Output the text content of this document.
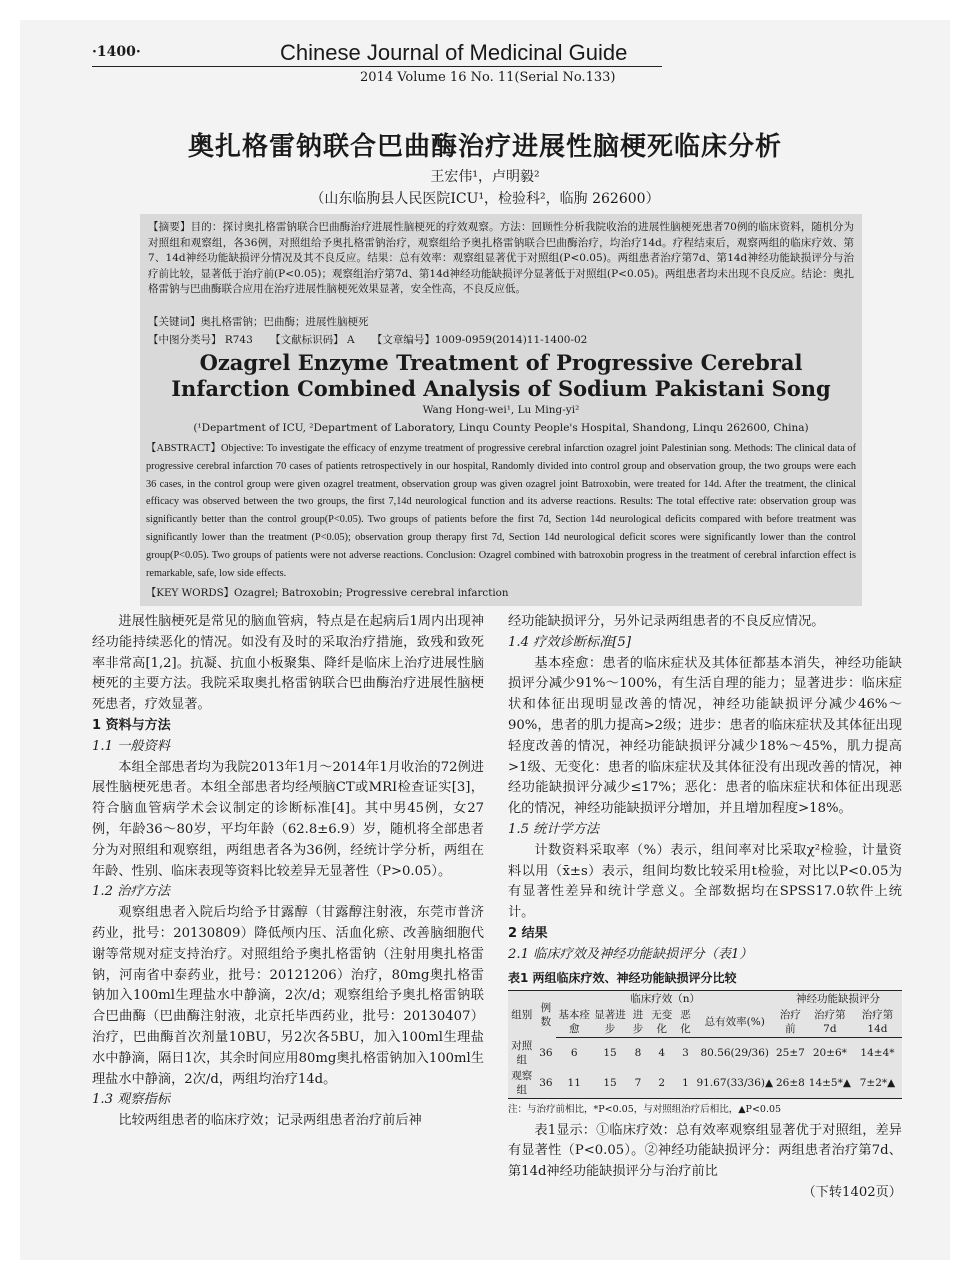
·1400·	Chinese Journal of Medicinal Guide
2014 Volume 16 No. 11(Serial No.133)
奥扎格雷钠联合巴曲酶治疗进展性脑梗死临床分析
王宏伟¹，卢明毅²
（山东临朐县人民医院ICU¹，检验科²，临朐 262600）

【摘要】目的：探讨奥扎格雷钠联合巴曲酶治疗进展性脑梗死的疗效观察。方法：回顾性分析我院收治的进展性脑梗死患者70例的临床资料，随机分为对照组和观察组，各36例，对照组给予奥扎格雷钠治疗，观察组给予奥扎格雷钠联合巴曲酶治疗，均治疗14d。疗程结束后，观察两组的临床疗效、第7、14d神经功能缺损评分情况及其不良反应。结果：总有效率：观察组显著优于对照组(P<0.05)。两组患者治疗第7d、第14d神经功能缺损评分与治疗前比较，显著低于治疗前(P<0.05)；观察组治疗第7d、第14d神经功能缺损评分显著低于对照组(P<0.05)。两组患者均未出现不良反应。结论：奥扎格雷钠与巴曲酶联合应用在治疗进展性脑梗死效果显著，安全性高，不良反应低。

【关键词】奥扎格雷钠；巴曲酶；进展性脑梗死

【中图分类号】 R743 【文献标识码】 A 【文章编号】1009-0959(2014)11-1400-02

Ozagrel Enzyme Treatment of Progressive Cerebral Infarction Combined Analysis of Sodium Pakistani Song

Wang Hong-wei¹, Lu Ming-yi²

(¹Department of ICU, ²Department of Laboratory, Linqu County People's Hospital, Shandong, Linqu 262600, China)

【ABSTRACT】Objective: To investigate the efficacy of enzyme treatment of progressive cerebral infarction ozagrel joint Palestinian song. Methods: The clinical data of progressive cerebral infarction 70 cases of patients retrospectively in our hospital, Randomly divided into control group and observation group, the two groups were each 36 cases, in the control group were given ozagrel treatment, observation group was given ozagrel joint Batroxobin, were treated for 14d. After the treatment, the clinical efficacy was observed between the two groups, the first 7,14d neurological function and its adverse reactions. Results: The total effective rate: observation group was significantly better than the control group(P<0.05). Two groups of patients before the first 7d, Section 14d neurological deficits compared with before treatment was significantly lower than the treatment (P<0.05); observation group therapy first 7d, Section 14d neurological deficit scores were significantly lower than the control group(P<0.05). Two groups of patients were not adverse reactions. Conclusion: Ozagrel combined with batroxobin progress in the treatment of cerebral infarction effect is remarkable, safe, low side effects.

【KEY WORDS】Ozagrel; Batroxobin; Progressive cerebral infarction

进展性脑梗死是常见的脑血管病，特点是在起病后1周内出现神经功能持续恶化的情况。如没有及时的采取治疗措施，致残和致死率非常高[1,2]。抗凝、抗血小板聚集、降纤是临床上治疗进展性脑梗死的主要方法。我院采取奥扎格雷钠联合巴曲酶治疗进展性脑梗死患者，疗效显著。

1 资料与方法

1.1 一般资料

本组全部患者均为我院2013年1月～2014年1月收治的72例进展性脑梗死患者。本组全部患者均经颅脑CT或MRI检查证实[3]，符合脑血管病学术会议制定的诊断标准[4]。其中男45例，女27例，年龄36～80岁，平均年龄（62.8±6.9）岁，随机将全部患者分为对照组和观察组，两组患者各为36例，经统计学分析，两组在年龄、性别、临床表现等资料比较差异无显著性（P>0.05）。

1.2 治疗方法

观察组患者入院后均给予甘露醇（甘露醇注射液，东莞市普济药业，批号：20130809）降低颅内压、活血化瘀、改善脑细胞代谢等常规对症支持治疗。对照组给予奥扎格雷钠（注射用奥扎格雷钠，河南省中泰药业，批号：20121206）治疗，80mg奥扎格雷钠加入100ml生理盐水中静滴，2次/d；观察组给予奥扎格雷钠联合巴曲酶（巴曲酶注射液，北京托毕西药业，批号：20130407）治疗，巴曲酶首次剂量10BU，另2次各5BU，加入100ml生理盐水中静滴，隔日1次，其余时间应用80mg奥扎格雷钠加入100ml生理盐水中静滴，2次/d，两组均治疗14d。

1.3 观察指标

比较两组患者的临床疗效；记录两组患者治疗前后神

经功能缺损评分，另外记录两组患者的不良反应情况。

1.4 疗效诊断标准[5]

基本痊愈：患者的临床症状及其体征都基本消失，神经功能缺损评分减少91%～100%，有生活自理的能力；显著进步：临床症状和体征出现明显改善的情况，神经功能缺损评分减少46%～90%，患者的肌力提高>2级；进步：患者的临床症状及其体征出现轻度改善的情况，神经功能缺损评分减少18%～45%，肌力提高>1级、无变化：患者的临床症状及其体征没有出现改善的情况，神经功能缺损评分减少≤17%；恶化：患者的临床症状和体征出现恶化的情况，神经功能缺损评分增加，并且增加程度>18%。

1.5 统计学方法

计数资料采取率（%）表示，组间率对比采取χ²检验，计量资料以用（x̄±s）表示，组间均数比较采用t检验，对比以P<0.05为有显著性差异和统计学意义。全部数据均在SPSS17.0软件上统计。

2 结果

2.1 临床疗效及神经功能缺损评分（表1）

表1 两组临床疗效、神经功能缺损评分比较
组别	例数	临床疗效（n）						神经功能缺损评分		
		基本痊愈	显著进步	进步	无变化	恶化	总有效率(%)	治疗前	治疗第7d	治疗第14d
对照组	36	6	15	8	4	3	80.56(29/36)	25±7	20±6*	14±4*
观察组	36	11	15	7	2	1	91.67(33/36)▲	26±8	14±5*▲	7±2*▲
注：与治疗前相比，*P<0.05，与对照组治疗后相比，▲P<0.05

表1显示：①临床疗效：总有效率观察组显著优于对照组，差异有显著性（P<0.05）。②神经功能缺损评分：两组患者治疗第7d、第14d神经功能缺损评分与治疗前比

（下转1402页）
